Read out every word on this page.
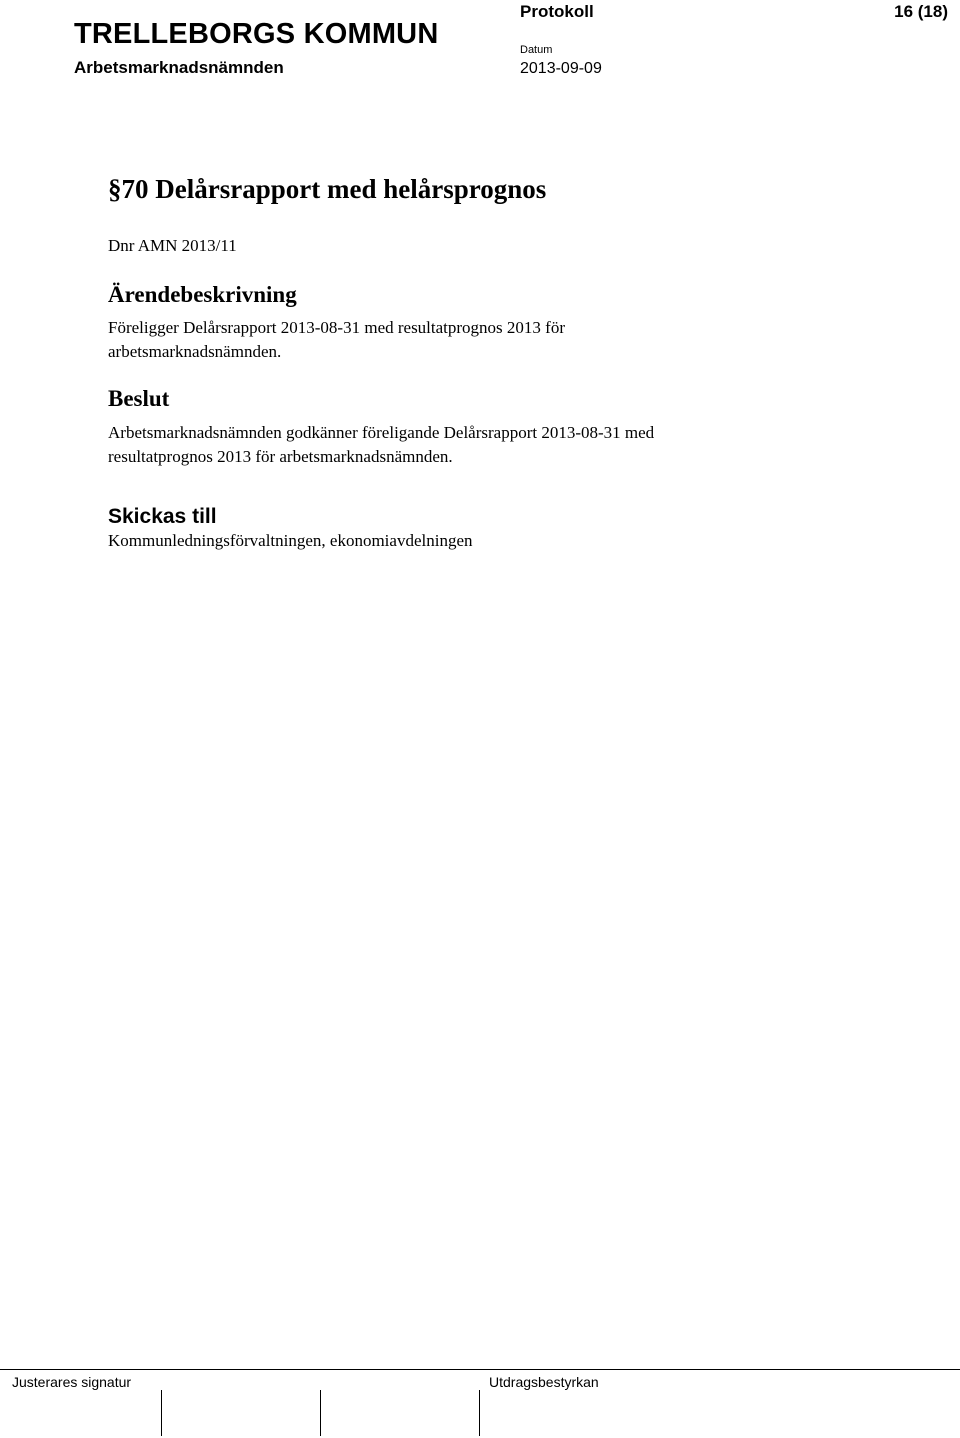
TRELLEBORGS KOMMUN
Arbetsmarknadsnämnden
Protokoll
Datum
2013-09-09
16 (18)
§70 Delårsrapport med helårsprognos
Dnr AMN 2013/11
Ärendebeskrivning
Föreligger Delårsrapport 2013-08-31 med resultatprognos 2013 för
arbetsmarknadsnämnden.
Beslut
Arbetsmarknadsnämnden godkänner föreligande Delårsrapport 2013-08-31 med
resultatprognos 2013 för arbetsmarknadsnämnden.
Skickas till
Kommunledningsförvaltningen, ekonomiavdelningen
Justerares signatur	Utdragsbestyrkan
